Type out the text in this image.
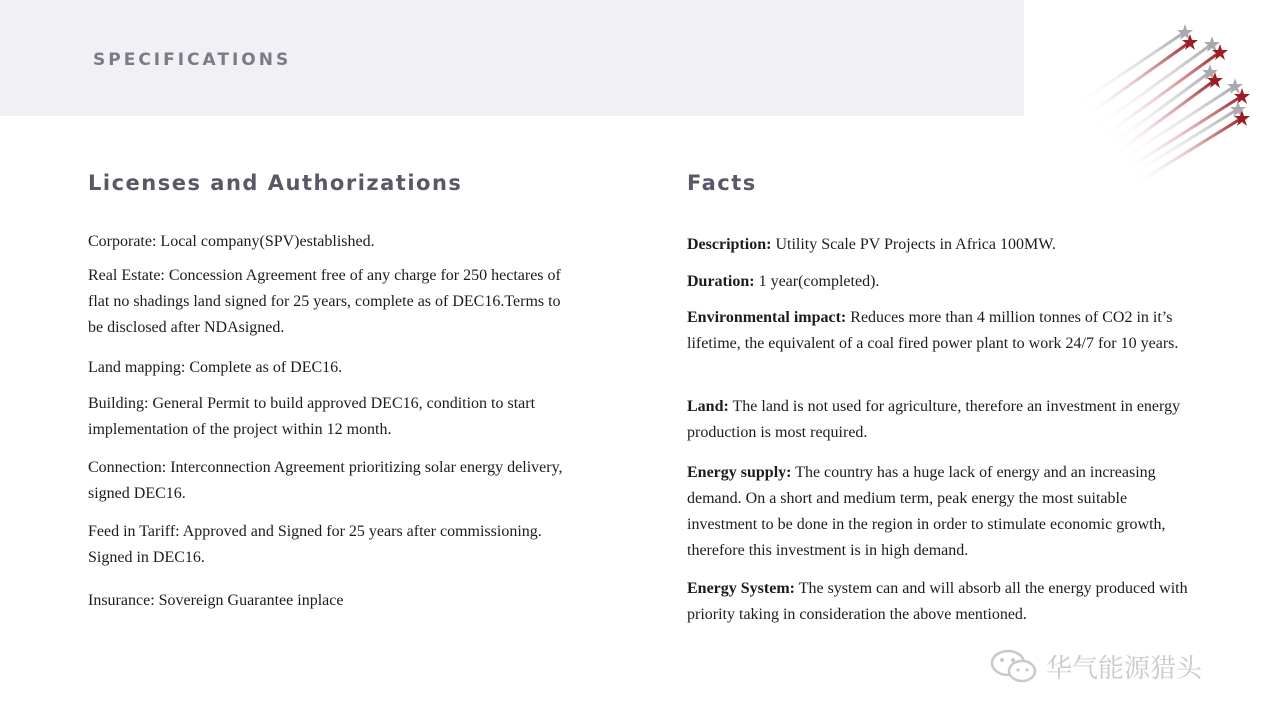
SPECIFICATIONS
Licenses and Authorizations	Facts
Corporate: Local company(SPV)established.
Real Estate: Concession Agreement free of any charge for 250 hectares of flat no shadings land signed for 25 years, complete as of DEC16.Terms to be disclosed after NDAsigned.
Land mapping: Complete as of DEC16.
Building: General Permit to build approved DEC16, condition to start implementation of the project within 12 month.
Connection: Interconnection Agreement prioritizing solar energy delivery, signed DEC16.
Feed in Tariff: Approved and Signed for 25 years after commissioning. Signed in DEC16.
Insurance: Sovereign Guarantee inplace
Description: Utility Scale PV Projects in Africa 100MW.
Duration: 1 year(completed).
Environmental impact: Reduces more than 4 million tonnes of CO2 in it’s lifetime, the equivalent of a coal fired power plant to work 24/7 for 10 years.
Land: The land is not used for agriculture, therefore an investment in energy production is most required.
Energy supply: The country has a huge lack of energy and an increasing demand. On a short and medium term, peak energy the most suitable investment to be done in the region in order to stimulate economic growth, therefore this investment is in high demand.
Energy System: The system can and will absorb all the energy produced with priority taking in consideration the above mentioned.
华气能源猎头
